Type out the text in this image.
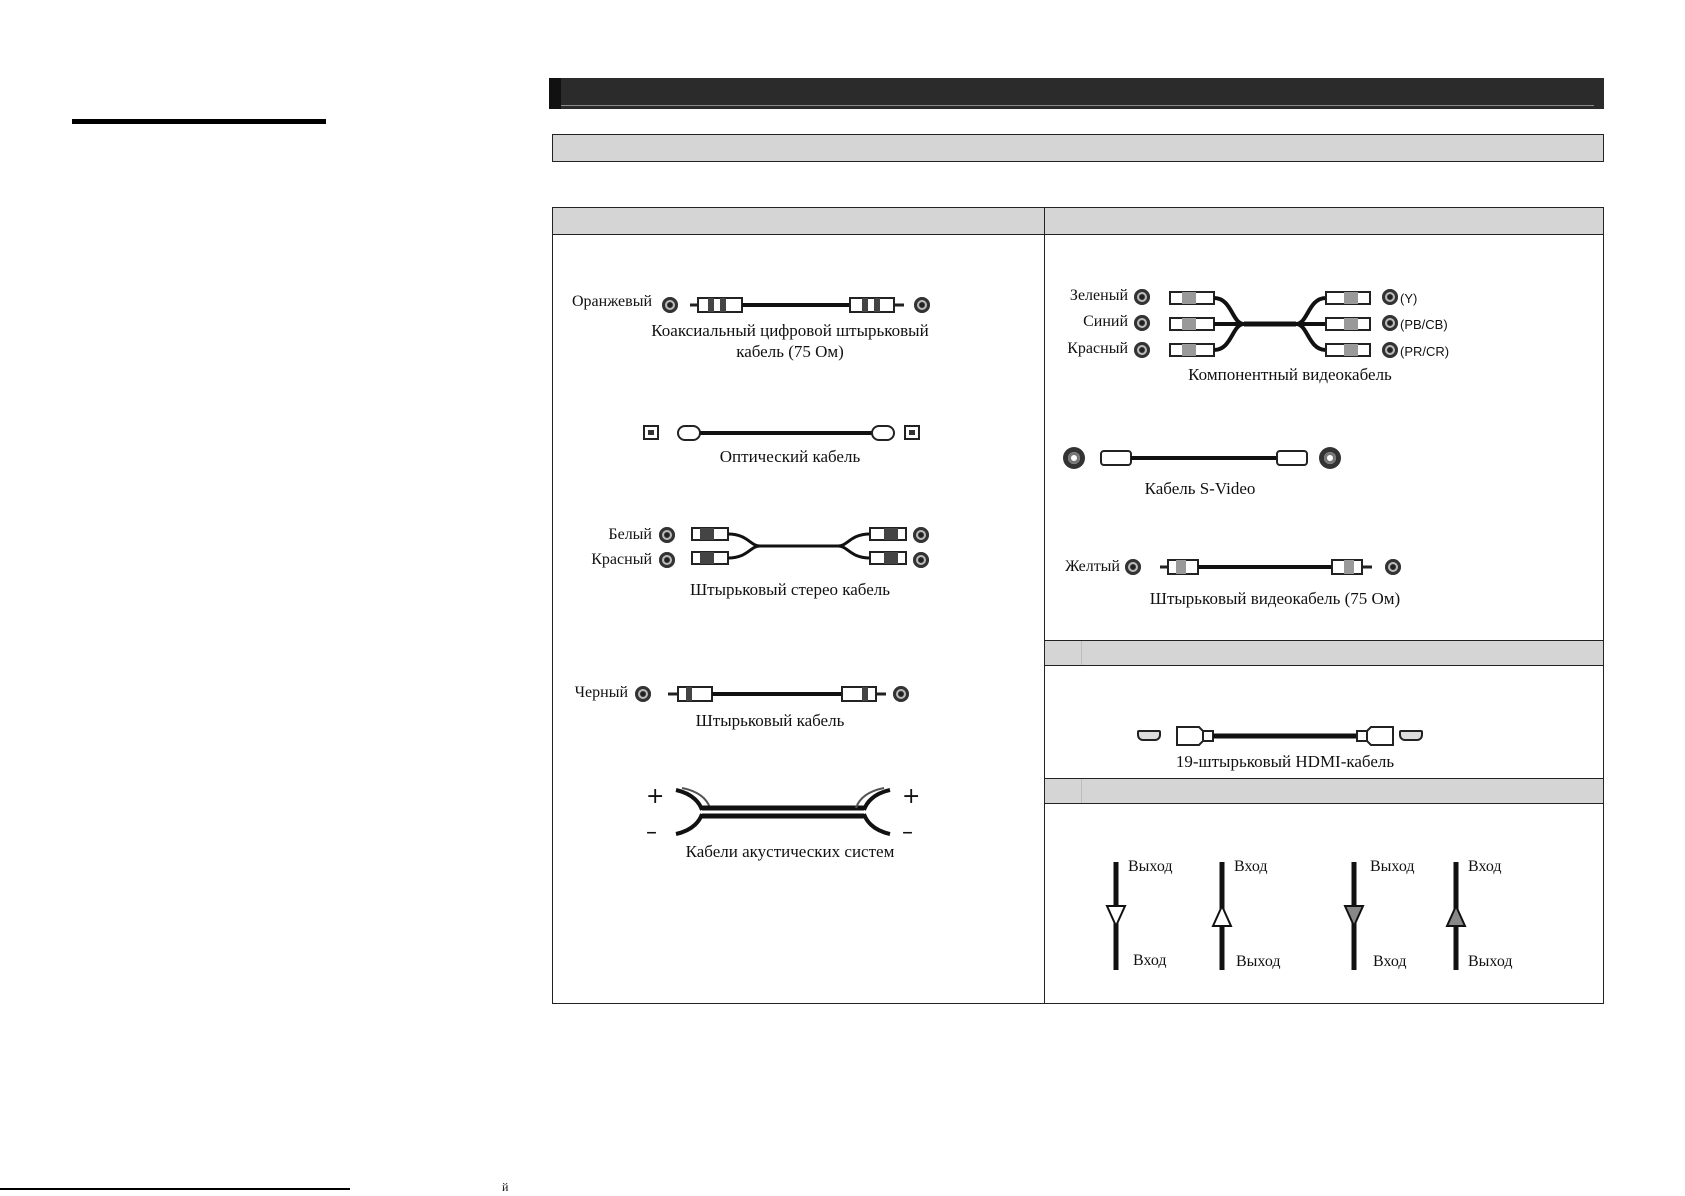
й
Оранжевый
Коаксиальный цифровой штырьковый
кабель (75 Ом)
Оптический кабель
Белый
Красный
Штырьковый стерео кабель
Черный
Штырьковый кабель
+
–
+
–
Кабели акустических систем
Зеленый
Синий
Красный
(Y)
(PB/CB)
(PR/CR)
Компонентный видеокабель
Кабель S-Video
Желтый
Штырьковый видеокабель (75 Ом)
19-штырьковый HDMI-кабель
Выход
Вход
Вход
Выход
Выход
Вход
Вход
Выход
